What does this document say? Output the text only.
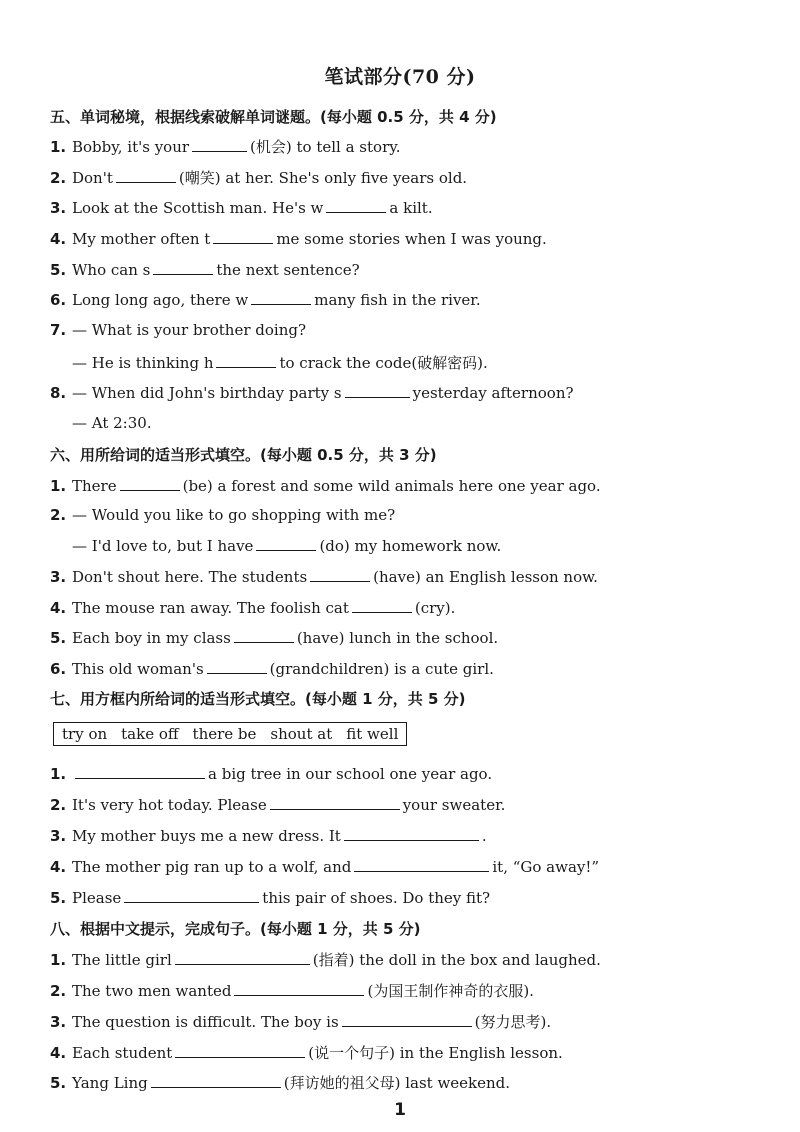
笔试部分(70 分)
五、单词秘境，根据线索破解单词谜题。(每小题 0.5 分，共 4 分)
1. Bobby, it's your	(机会) to tell a story.
2. Don't	(嘲笑) at her. She's only five years old.
3. Look at the Scottish man. He's w	a kilt.
4. My mother often t	me some stories when I was young.
5. Who can s	the next sentence?
6. Long long ago, there w	many fish in the river.
7. — What is your brother doing?
— He is thinking h	to crack the code(破解密码).
8. — When did John's birthday party s	yesterday afternoon?
— At 2:30.
六、用所给词的适当形式填空。(每小题 0.5 分，共 3 分)
1. There	(be) a forest and some wild animals here one year ago.
2. — Would you like to go shopping with me?
— I'd love to, but I have	(do) my homework now.
3. Don't shout here. The students	(have) an English lesson now.
4. The mouse ran away. The foolish cat	(cry).
5. Each boy in my class	(have) lunch in the school.
6. This old woman's	(grandchildren) is a cute girl.
七、用方框内所给词的适当形式填空。(每小题 1 分，共 5 分)
try on take off there be shout at fit well
1.	a big tree in our school one year ago.
2. It's very hot today. Please	your sweater.
3. My mother buys me a new dress. It	.
4. The mother pig ran up to a wolf, and	it, “Go away!”
5. Please	this pair of shoes. Do they fit?
八、根据中文提示，完成句子。(每小题 1 分，共 5 分)
1. The little girl	(指着) the doll in the box and laughed.
2. The two men wanted	(为国王制作神奇的衣服).
3. The question is difficult. The boy is	(努力思考).
4. Each student	(说一个句子) in the English lesson.
5. Yang Ling	(拜访她的祖父母) last weekend.
1
